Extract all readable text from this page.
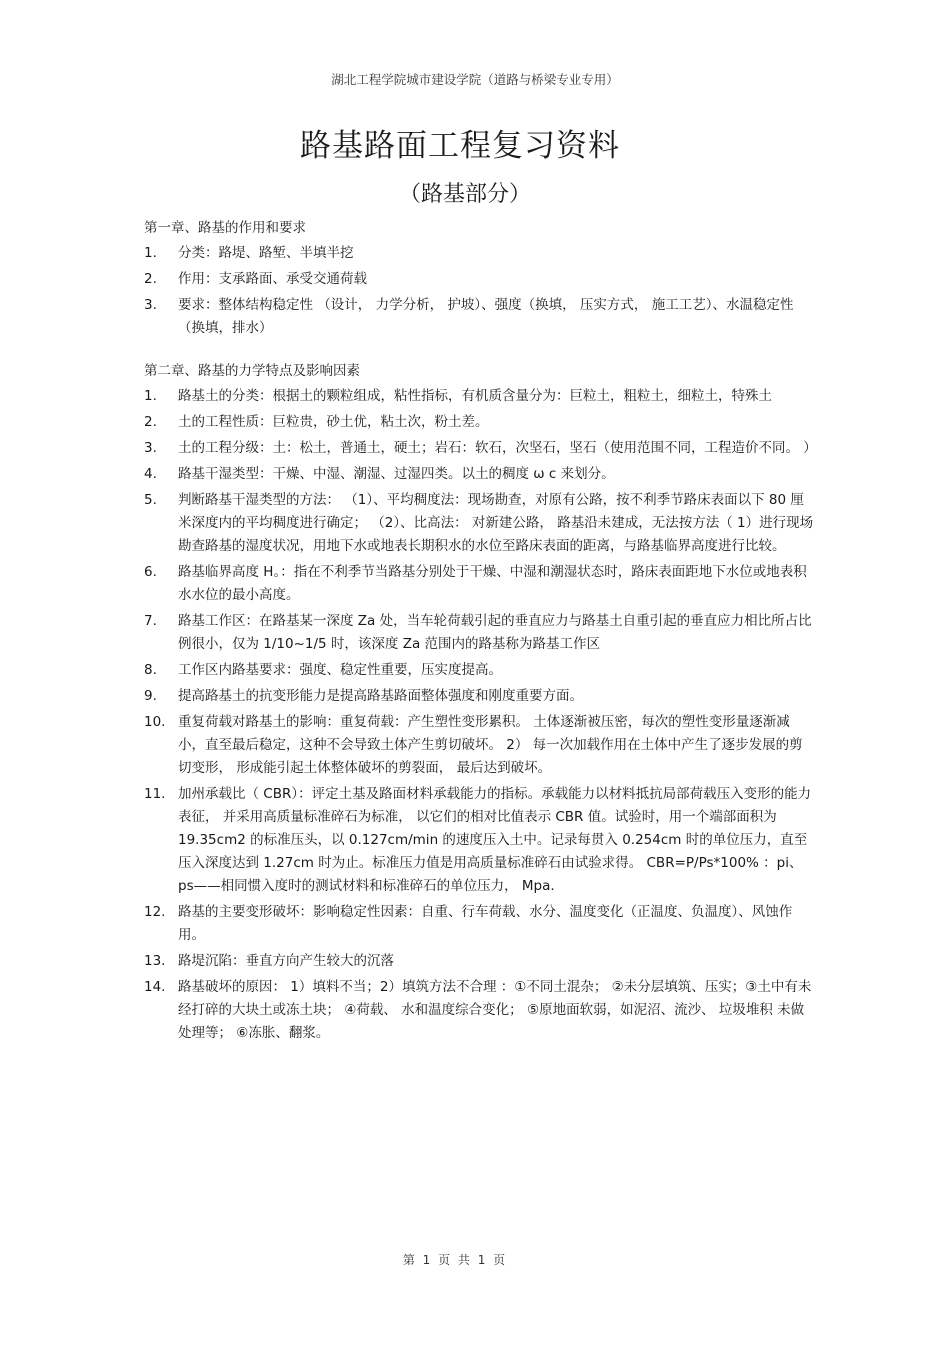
湖北工程学院城市建设学院（道路与桥梁专业专用）
路基路面工程复习资料
（路基部分）
第一章、路基的作用和要求
1. 分类：路堤、路堑、半填半挖
2. 作用：支承路面、承受交通荷载
3. 要求：整体结构稳定性 （设计， 力学分析， 护坡）、强度（换填， 压实方式， 施工工艺）、水温稳定性（换填，排水）
第二章、路基的力学特点及影响因素
1. 路基土的分类：根据土的颗粒组成，粘性指标，有机质含量分为：巨粒土，粗粒土，细粒土，特殊土
2. 土的工程性质：巨粒贵，砂土优，粘土次，粉土差。
3. 土的工程分级：土：松土，普通土，硬土；岩石：软石，次坚石，坚石（使用范围不同，工程造价不同。 ）
4. 路基干湿类型：干燥、中湿、潮湿、过湿四类。以土的稠度 ω c 来划分。
5. 判断路基干湿类型的方法： （1）、平均稠度法：现场勘查，对原有公路，按不利季节路床表面以下 80 厘米深度内的平均稠度进行确定； （2）、比高法： 对新建公路， 路基沿未建成，无法按方法（ 1）进行现场勘查路基的湿度状况，用地下水或地表长期积水的水位至路床表面的距离，与路基临界高度进行比较。
6. 路基临界高度 H。：指在不利季节当路基分别处于干燥、中湿和潮湿状态时，路床表面距地下水位或地表积水水位的最小高度。
7. 路基工作区：在路基某一深度 Za 处，当车轮荷载引起的垂直应力与路基土自重引起的垂直应力相比所占比例很小，仅为 1/10~1/5 时，该深度 Za 范围内的路基称为路基工作区
8. 工作区内路基要求：强度、稳定性重要，压实度提高。
9. 提高路基土的抗变形能力是提高路基路面整体强度和刚度重要方面。
10. 重复荷载对路基土的影响：重复荷载：产生塑性变形累积。 土体逐渐被压密，每次的塑性变形量逐渐减小，直至最后稳定，这种不会导致土体产生剪切破坏。 2） 每一次加载作用在土体中产生了逐步发展的剪切变形， 形成能引起土体整体破坏的剪裂面， 最后达到破坏。
11. 加州承载比（ CBR）：评定土基及路面材料承载能力的指标。承载能力以材料抵抗局部荷载压入变形的能力表征， 并采用高质量标准碎石为标准， 以它们的相对比值表示 CBR 值。试验时，用一个端部面积为 19.35cm2 的标准压头，以 0.127cm/min 的速度压入土中。记录每贯入 0.254cm 时的单位压力，直至压入深度达到 1.27cm 时为止。标准压力值是用高质量标准碎石由试验求得。 CBR=P/Ps*100% ：pi、ps——相同惯入度时的测试材料和标准碎石的单位压力， Mpa.
12. 路基的主要变形破坏：影响稳定性因素：自重、行车荷载、水分、温度变化（正温度、负温度）、风蚀作用。
13. 路堤沉陷：垂直方向产生较大的沉落
14. 路基破坏的原因： 1）填料不当；2）填筑方法不合理 ：①不同土混杂； ②未分层填筑、压实；③土中有未经打碎的大块土或冻土块； ④荷载、 水和温度综合变化； ⑤原地面软弱，如泥沼、流沙、 垃圾堆积 未做处理等； ⑥冻胀、翻浆。
第 1 页 共 1 页
